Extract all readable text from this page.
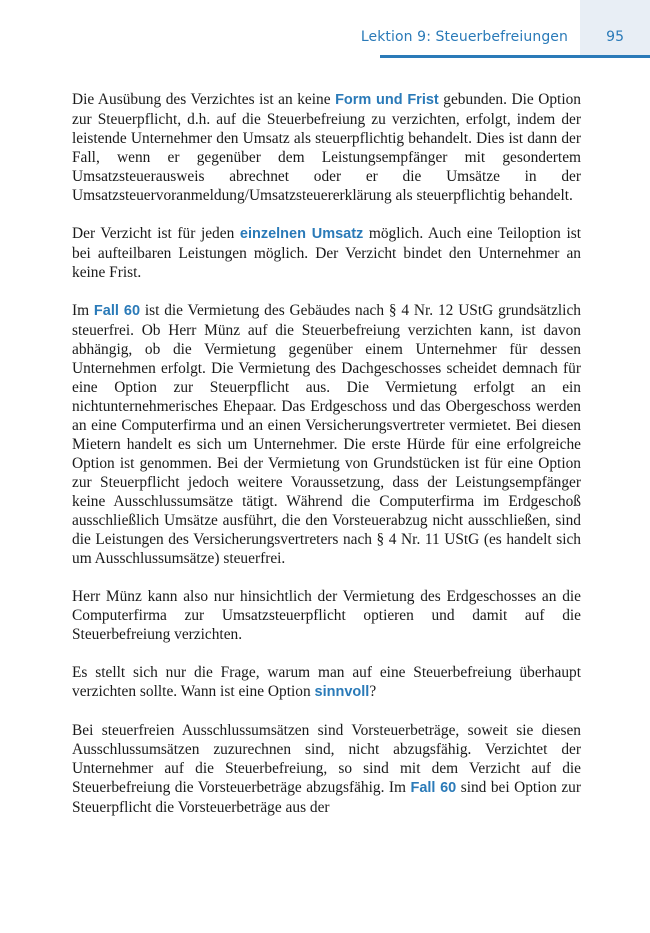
Lektion 9: Steuerbefreiungen	95

Die Ausübung des Verzichtes ist an keine Form und Frist gebunden. Die Option zur Steuerpflicht, d.h. auf die Steuerbefreiung zu verzichten, erfolgt, indem der leistende Unternehmer den Umsatz als steuerpflichtig behandelt. Dies ist dann der Fall, wenn er gegenüber dem Leistungsempfänger mit gesondertem Umsatzsteuerausweis abrechnet oder er die Umsätze in der Umsatzsteuervoranmeldung/Umsatzsteuererklärung als steuerpflichtig behandelt.

Der Verzicht ist für jeden einzelnen Umsatz möglich. Auch eine Teiloption ist bei aufteilbaren Leistungen möglich. Der Verzicht bindet den Unternehmer an keine Frist.

Im Fall 60 ist die Vermietung des Gebäudes nach § 4 Nr. 12 UStG grundsätzlich steuerfrei. Ob Herr Münz auf die Steuerbefreiung verzichten kann, ist davon abhängig, ob die Vermietung gegenüber einem Unternehmer für dessen Unternehmen erfolgt. Die Vermietung des Dachgeschosses scheidet demnach für eine Option zur Steuerpflicht aus. Die Vermietung erfolgt an ein nichtunternehmerisches Ehepaar. Das Erdgeschoss und das Obergeschoss werden an eine Computerfirma und an einen Versicherungsvertreter vermietet. Bei diesen Mietern handelt es sich um Unternehmer. Die erste Hürde für eine erfolgreiche Option ist genommen. Bei der Vermietung von Grundstücken ist für eine Option zur Steuerpflicht jedoch weitere Voraussetzung, dass der Leistungsempfänger keine Ausschlussumsätze tätigt. Während die Computerfirma im Erdgeschoß ausschließlich Umsätze ausführt, die den Vorsteuerabzug nicht ausschließen, sind die Leistungen des Versicherungsvertreters nach § 4 Nr. 11 UStG (es handelt sich um Ausschlussumsätze) steuerfrei.

Herr Münz kann also nur hinsichtlich der Vermietung des Erdgeschosses an die Computerfirma zur Umsatzsteuerpflicht optieren und damit auf die Steuerbefreiung verzichten.

Es stellt sich nur die Frage, warum man auf eine Steuerbefreiung überhaupt verzichten sollte. Wann ist eine Option sinnvoll?

Bei steuerfreien Ausschlussumsätzen sind Vorsteuerbeträge, soweit sie diesen Ausschlussumsätzen zuzurechnen sind, nicht abzugsfähig. Verzichtet der Unternehmer auf die Steuerbefreiung, so sind mit dem Verzicht auf die Steuerbefreiung die Vorsteuerbeträge abzugsfähig. Im Fall 60 sind bei Option zur Steuerpflicht die Vorsteuerbeträge aus der
